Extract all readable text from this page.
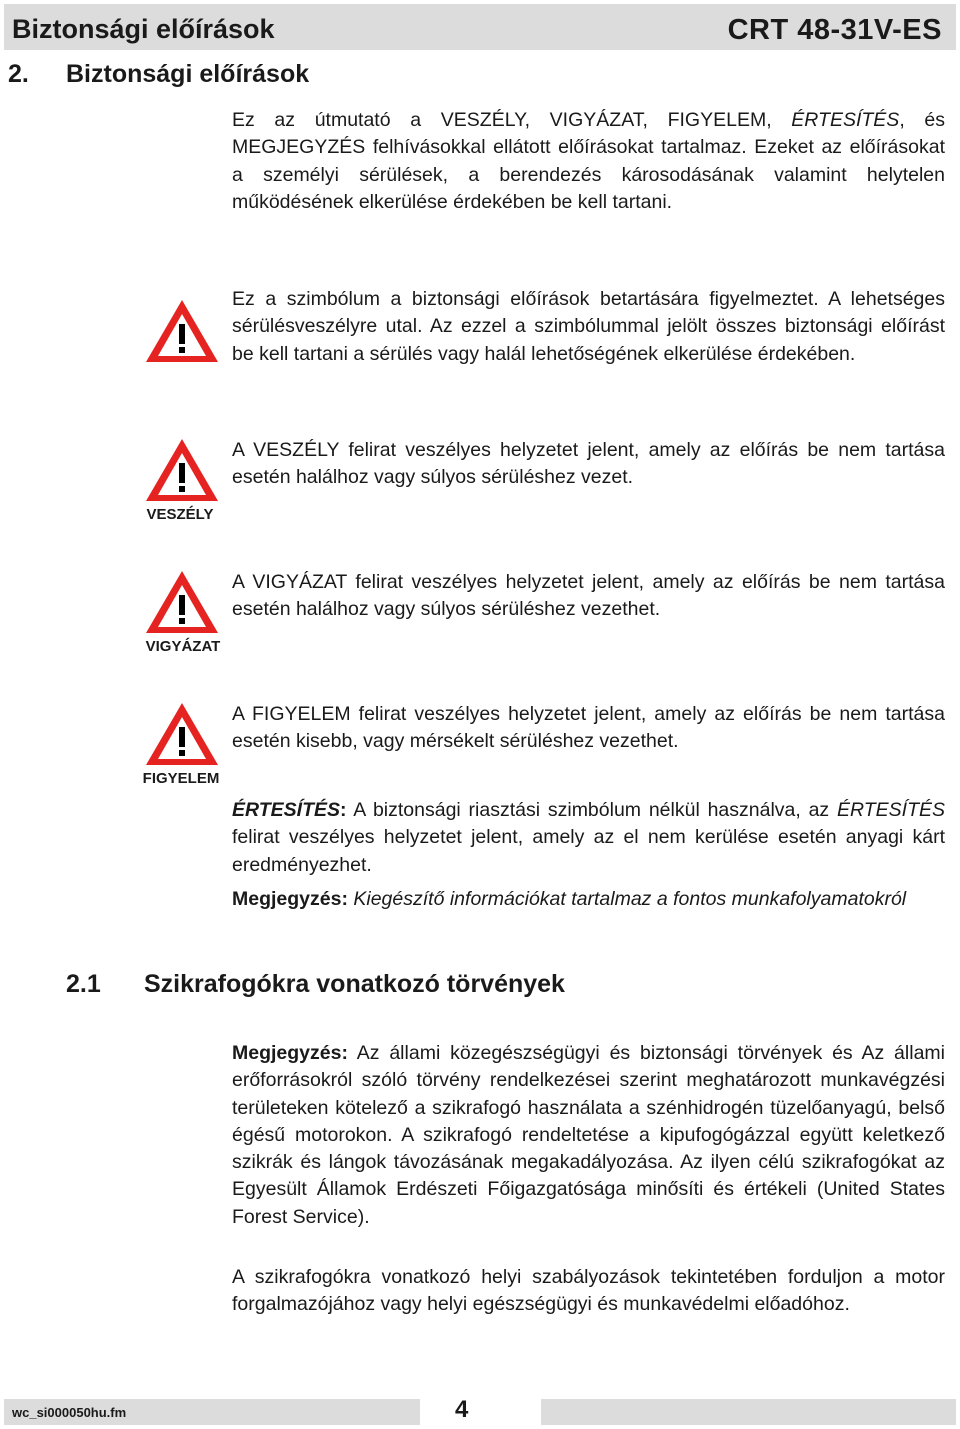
Biztonsági előírások	CRT 48-31V-ES
2. Biztonsági előírások
Ez az útmutató a VESZÉLY, VIGYÁZAT, FIGYELEM, ÉRTESÍTÉS, és MEGJEGYZÉS felhívásokkal ellátott előírásokat tartalmaz. Ezeket az előírásokat a személyi sérülések, a berendezés károsodásának valamint helytelen működésének elkerülése érdekében be kell tartani.
Ez a szimbólum a biztonsági előírások betartására figyelmeztet. A lehetséges sérülésveszélyre utal. Az ezzel a szimbólummal jelölt összes biztonsági előírást be kell tartani a sérülés vagy halál lehetőségének elkerülése érdekében.
VESZÉLY
A VESZÉLY felirat veszélyes helyzetet jelent, amely az előírás be nem tartása esetén halálhoz vagy súlyos sérüléshez vezet.
VIGYÁZAT
A VIGYÁZAT felirat veszélyes helyzetet jelent, amely az előírás be nem tartása esetén halálhoz vagy súlyos sérüléshez vezethet.
FIGYELEM
A FIGYELEM felirat veszélyes helyzetet jelent, amely az előírás be nem tartása esetén kisebb, vagy mérsékelt sérüléshez vezethet.
ÉRTESÍTÉS: A biztonsági riasztási szimbólum nélkül használva, az ÉRTESÍTÉS felirat veszélyes helyzetet jelent, amely az el nem kerülése esetén anyagi kárt eredményezhet.
Megjegyzés: Kiegészítő információkat tartalmaz a fontos munkafolyamatokról
2.1 Szikrafogókra vonatkozó törvények
Megjegyzés: Az állami közegészségügyi és biztonsági törvények és Az állami erőforrásokról szóló törvény rendelkezései szerint meghatározott munkavégzési területeken kötelező a szikrafogó használata a szénhidrogén tüzelőanyagú, belső égésű motorokon. A szikrafogó rendeltetése a kipufogógázzal együtt keletkező szikrák és lángok távozásának megakadályozása. Az ilyen célú szikrafogókat az Egyesült Államok Erdészeti Főigazgatósága minősíti és értékeli (United States Forest Service).
A szikrafogókra vonatkozó helyi szabályozások tekintetében forduljon a motor forgalmazójához vagy helyi egészségügyi és munkavédelmi előadóhoz.
wc_si000050hu.fm	4
